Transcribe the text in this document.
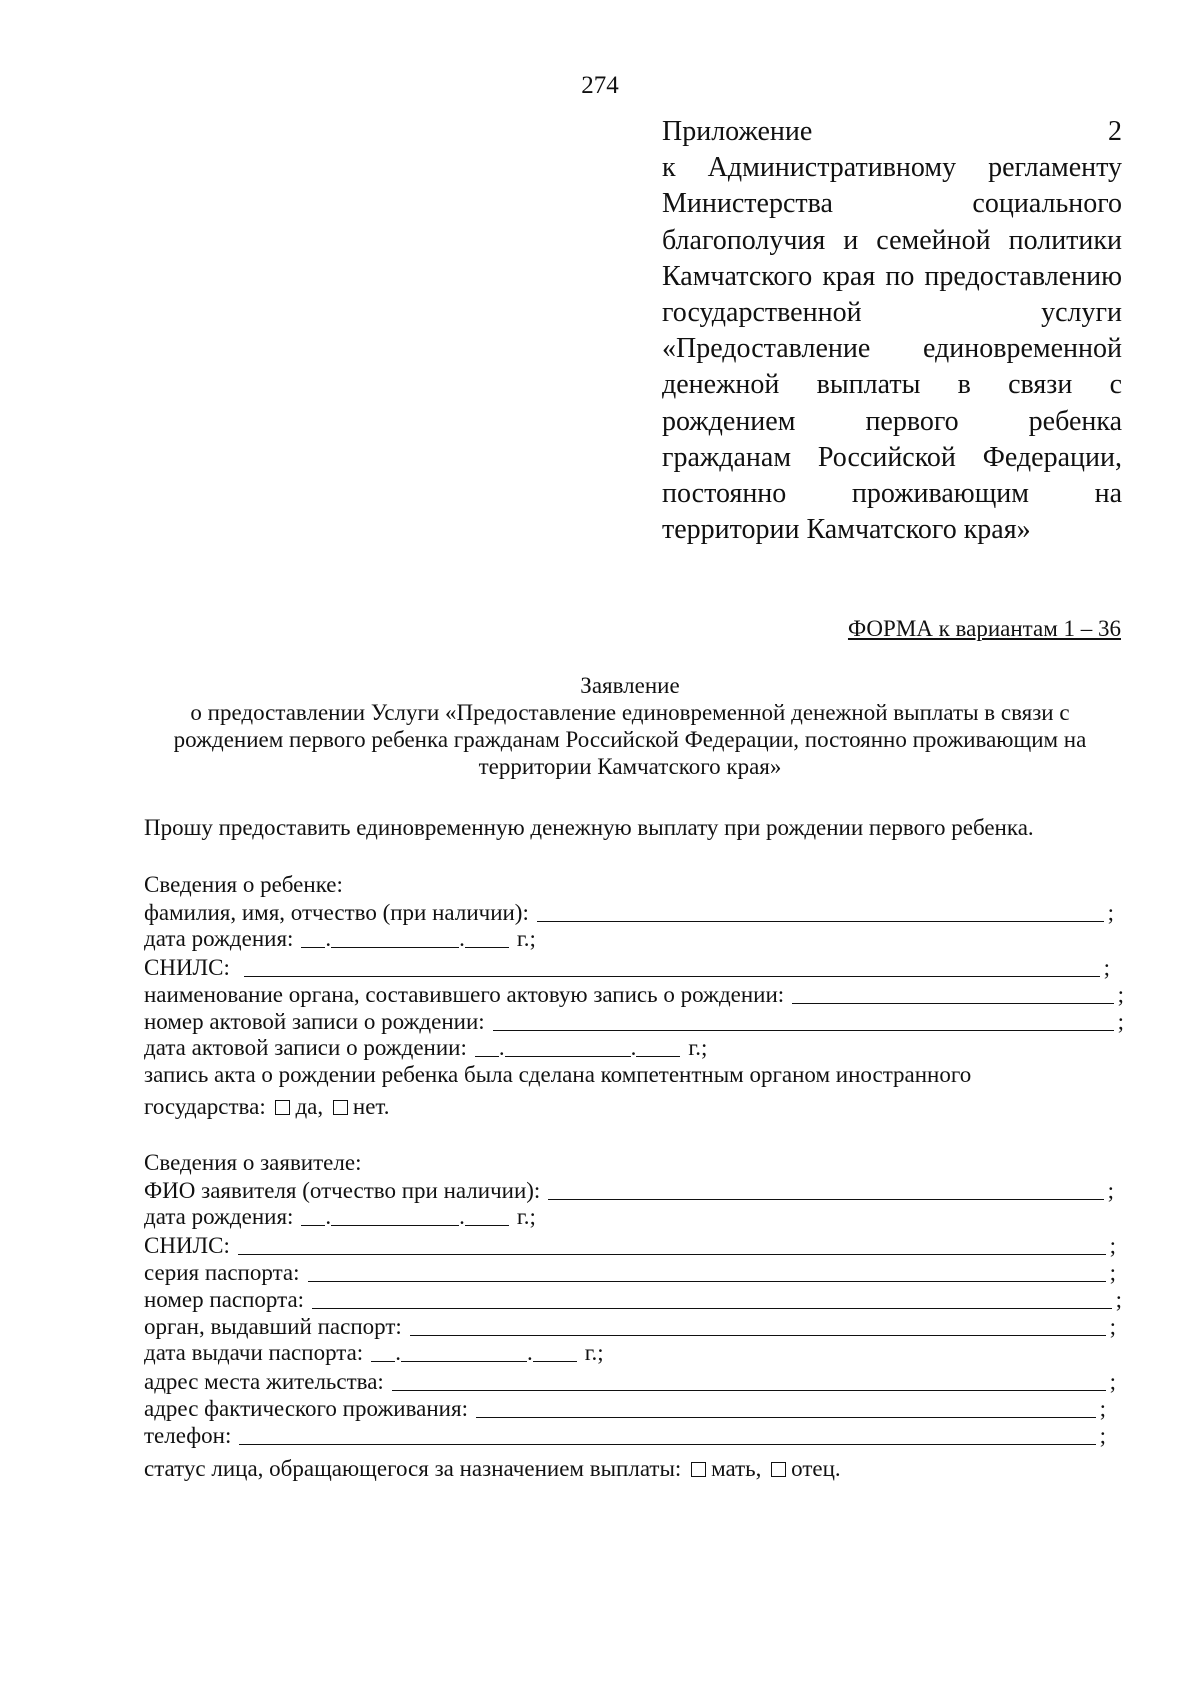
274
Приложение 2
к Административному регламенту
Министерства социального
благополучия и семейной политики
Камчатского края по предоставлению
государственной услуги
«Предоставление единовременной
денежной выплаты в связи с
рождением первого ребенка
гражданам Российской Федерации,
постоянно проживающим на
территории Камчатского края»
ФОРМА к вариантам 1 – 36
Заявление
о предоставлении Услуги «Предоставление единовременной денежной выплаты в связи с
рождением первого ребенка гражданам Российской Федерации, постоянно проживающим на
территории Камчатского края»
Прошу предоставить единовременную денежную выплату при рождении первого ребенка.
Сведения о ребенке:
фамилия, имя, отчество (при наличии):	;
дата рождения: .	. г.;
СНИЛС:	;
наименование органа, составившего актовую запись о рождении:	;
номер актовой записи о рождении:	;
дата актовой записи о рождении: .	. г.;
запись акта о рождении ребенка была сделана компетентным органом иностранного
государства: да, нет.
Сведения о заявителе:
ФИО заявителя (отчество при наличии):	;
дата рождения: .	. г.;
СНИЛС:	;
серия паспорта:	;
номер паспорта:	;
орган, выдавший паспорт:	;
дата выдачи паспорта: .	. г.;
адрес места жительства:	;
адрес фактического проживания:	;
телефон:	;
статус лица, обращающегося за назначением выплаты: мать, отец.
